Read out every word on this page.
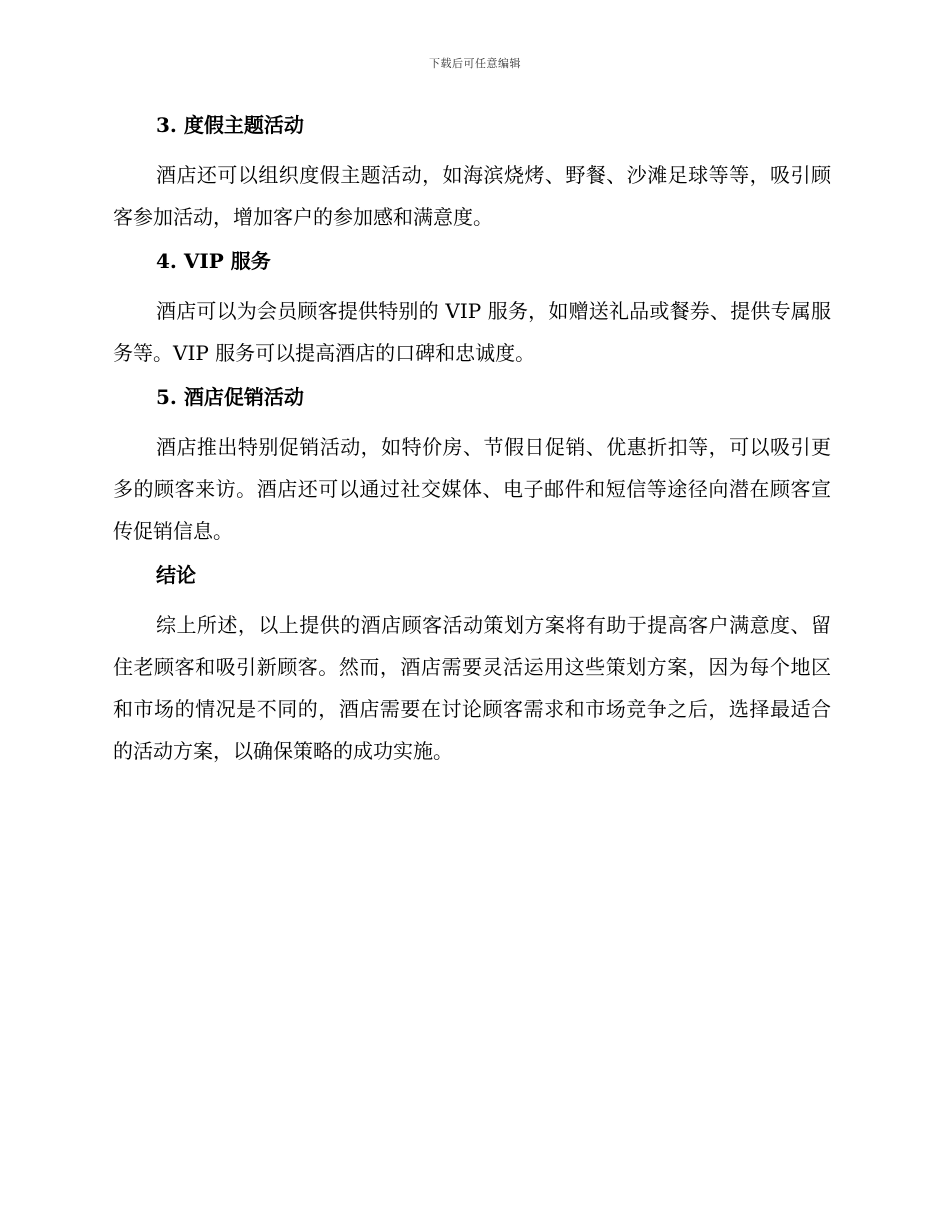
下载后可任意编辑
3. 度假主题活动

酒店还可以组织度假主题活动，如海滨烧烤、野餐、沙滩足球等等，吸引顾客参加活动，增加客户的参加感和满意度。

4. VIP 服务

酒店可以为会员顾客提供特别的 VIP 服务，如赠送礼品或餐券、提供专属服务等。VIP 服务可以提高酒店的口碑和忠诚度。

5. 酒店促销活动

酒店推出特别促销活动，如特价房、节假日促销、优惠折扣等，可以吸引更多的顾客来访。酒店还可以通过社交媒体、电子邮件和短信等途径向潜在顾客宣传促销信息。

结论

综上所述，以上提供的酒店顾客活动策划方案将有助于提高客户满意度、留住老顾客和吸引新顾客。然而，酒店需要灵活运用这些策划方案，因为每个地区和市场的情况是不同的，酒店需要在讨论顾客需求和市场竞争之后，选择最适合的活动方案，以确保策略的成功实施。
